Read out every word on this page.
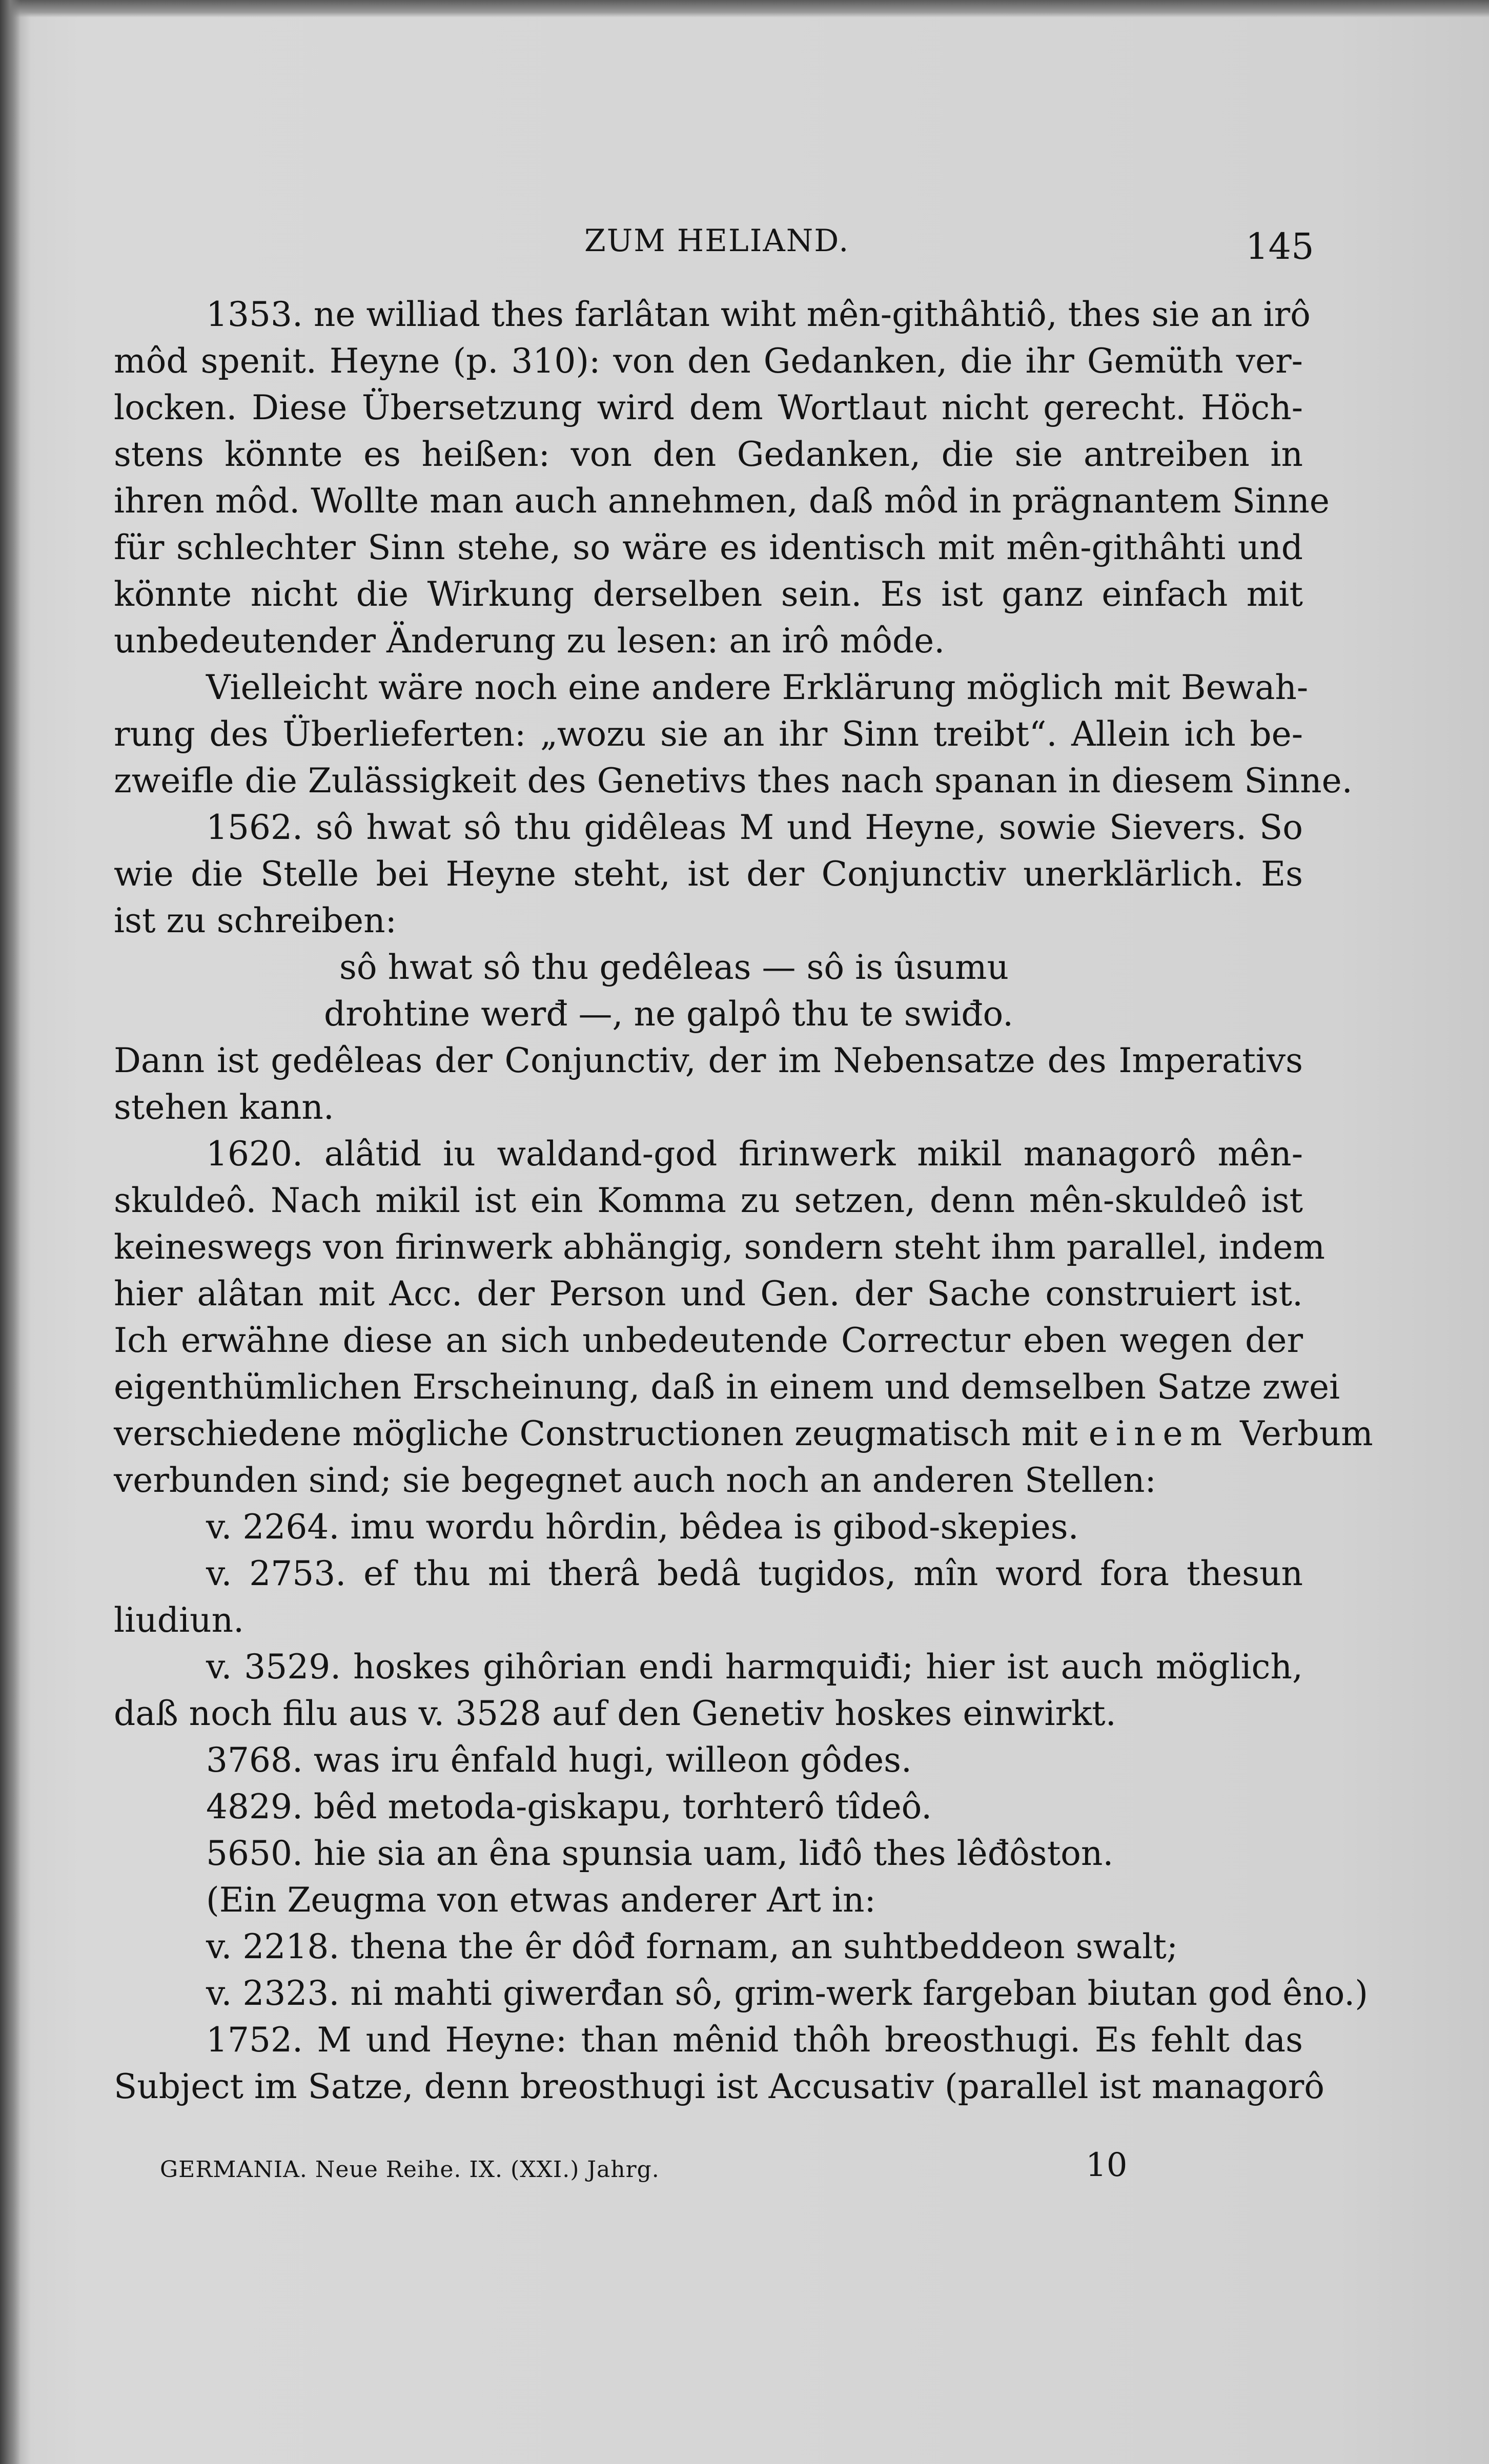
ZUM HELIAND.	145
1353. ne williad thes farlâtan wiht mên-githâhtiô, thes sie an irô
môd spenit. Heyne (p. 310): von den Gedanken, die ihr Gemüth ver-
locken. Diese Übersetzung wird dem Wortlaut nicht gerecht. Höch-
stens könnte es heißen: von den Gedanken, die sie antreiben in
ihren môd. Wollte man auch annehmen, daß môd in prägnantem Sinne
für schlechter Sinn stehe, so wäre es identisch mit mên-githâhti und
könnte nicht die Wirkung derselben sein. Es ist ganz einfach mit
unbedeutender Änderung zu lesen: an irô môde.
Vielleicht wäre noch eine andere Erklärung möglich mit Bewah-
rung des Überlieferten: „wozu sie an ihr Sinn treibt“. Allein ich be-
zweifle die Zulässigkeit des Genetivs thes nach spanan in diesem Sinne.
1562. sô hwat sô thu gidêleas M und Heyne, sowie Sievers. So
wie die Stelle bei Heyne steht, ist der Conjunctiv unerklärlich. Es
ist zu schreiben:
sô hwat sô thu gedêleas — sô is ûsumu
drohtine werđ —, ne galpô thu te swiđo.
Dann ist gedêleas der Conjunctiv, der im Nebensatze des Imperativs
stehen kann.
1620. alâtid iu waldand-god firinwerk mikil managorô mên-
skuldeô. Nach mikil ist ein Komma zu setzen, denn mên-skuldeô ist
keineswegs von firinwerk abhängig, sondern steht ihm parallel, indem
hier alâtan mit Acc. der Person und Gen. der Sache construiert ist.
Ich erwähne diese an sich unbedeutende Correctur eben wegen der
eigenthümlichen Erscheinung, daß in einem und demselben Satze zwei
verschiedene mögliche Constructionen zeugmatisch mit einem Verbum
verbunden sind; sie begegnet auch noch an anderen Stellen:
v. 2264. imu wordu hôrdin, bêdea is gibod-skepies.
v. 2753. ef thu mi therâ bedâ tugidos, mîn word fora thesun
liudiun.
v. 3529. hoskes gihôrian endi harmquiđi; hier ist auch möglich,
daß noch filu aus v. 3528 auf den Genetiv hoskes einwirkt.
3768. was iru ênfald hugi, willeon gôdes.
4829. bêd metoda-giskapu, torhterô tîdeô.
5650. hie sia an êna spunsia uam, liđô thes lêđôston.
(Ein Zeugma von etwas anderer Art in:
v. 2218. thena the êr dôđ fornam, an suhtbeddeon swalt;
v. 2323. ni mahti giwerđan sô, grim-werk fargeban biutan god êno.)
1752. M und Heyne: than mênid thôh breosthugi. Es fehlt das
Subject im Satze, denn breosthugi ist Accusativ (parallel ist managorô
GERMANIA. Neue Reihe. IX. (XXI.) Jahrg.	10
